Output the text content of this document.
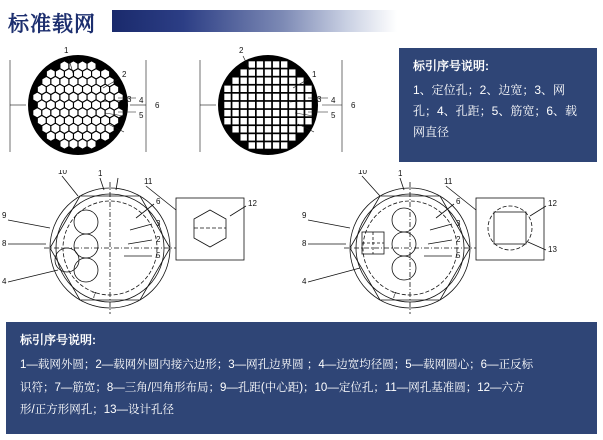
标准载网
1
2
3 4
5
6
2
1
3 4
5
6
10	1
11
9
8
4
6
3
2
5
12
7
10	1
11
9
8
4
6
3
2
5
12
13
7
标引序号说明:
1、定位孔；2、边宽；3、网孔；4、孔距；5、筋宽；6、载网直径
标引序号说明:
1—载网外圆；2—载网外圆内接六边形；3—网孔边界圆 ；4—边宽均径圆；5—载网圆心；6—正反标
识符；7—筋宽；8—三角/四角形布局；9—孔距(中心距)；10—定位孔；11—网孔基准圆；12—六方
形/正方形网孔；13—设计孔径
